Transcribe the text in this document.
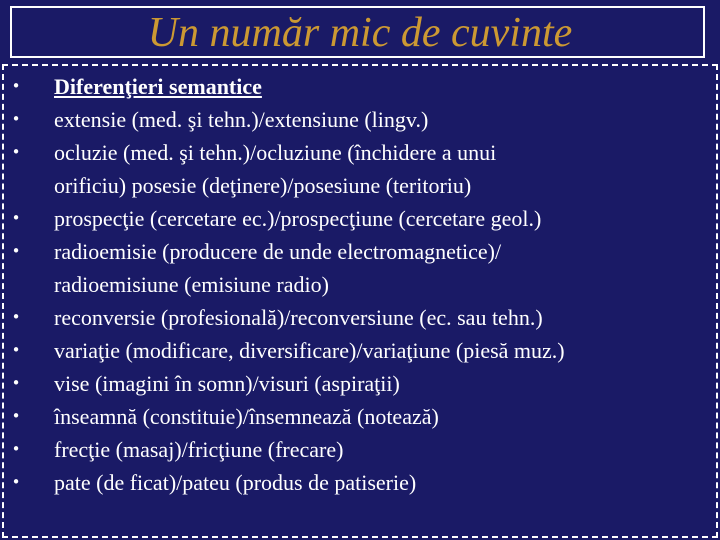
Un număr mic de cuvinte
• Diferenţieri semantice
• extensie (med. şi tehn.)/extensiune (lingv.)
• ocluzie (med. şi tehn.)/ocluziune (închidere a unui
orificiu) posesie (deţinere)/posesiune (teritoriu)
• prospecţie (cercetare ec.)/prospecţiune (cercetare geol.)
• radioemisie (producere de unde electromagnetice)/
radioemisiune (emisiune radio)
• reconversie (profesională)/reconversiune (ec. sau tehn.)
• variaţie (modificare, diversificare)/variaţiune (piesă muz.)
• vise (imagini în somn)/visuri (aspiraţii)
• înseamnă (constituie)/însemnează (notează)
• frecţie (masaj)/fricţiune (frecare)
• pate (de ficat)/pateu (produs de patiserie)
